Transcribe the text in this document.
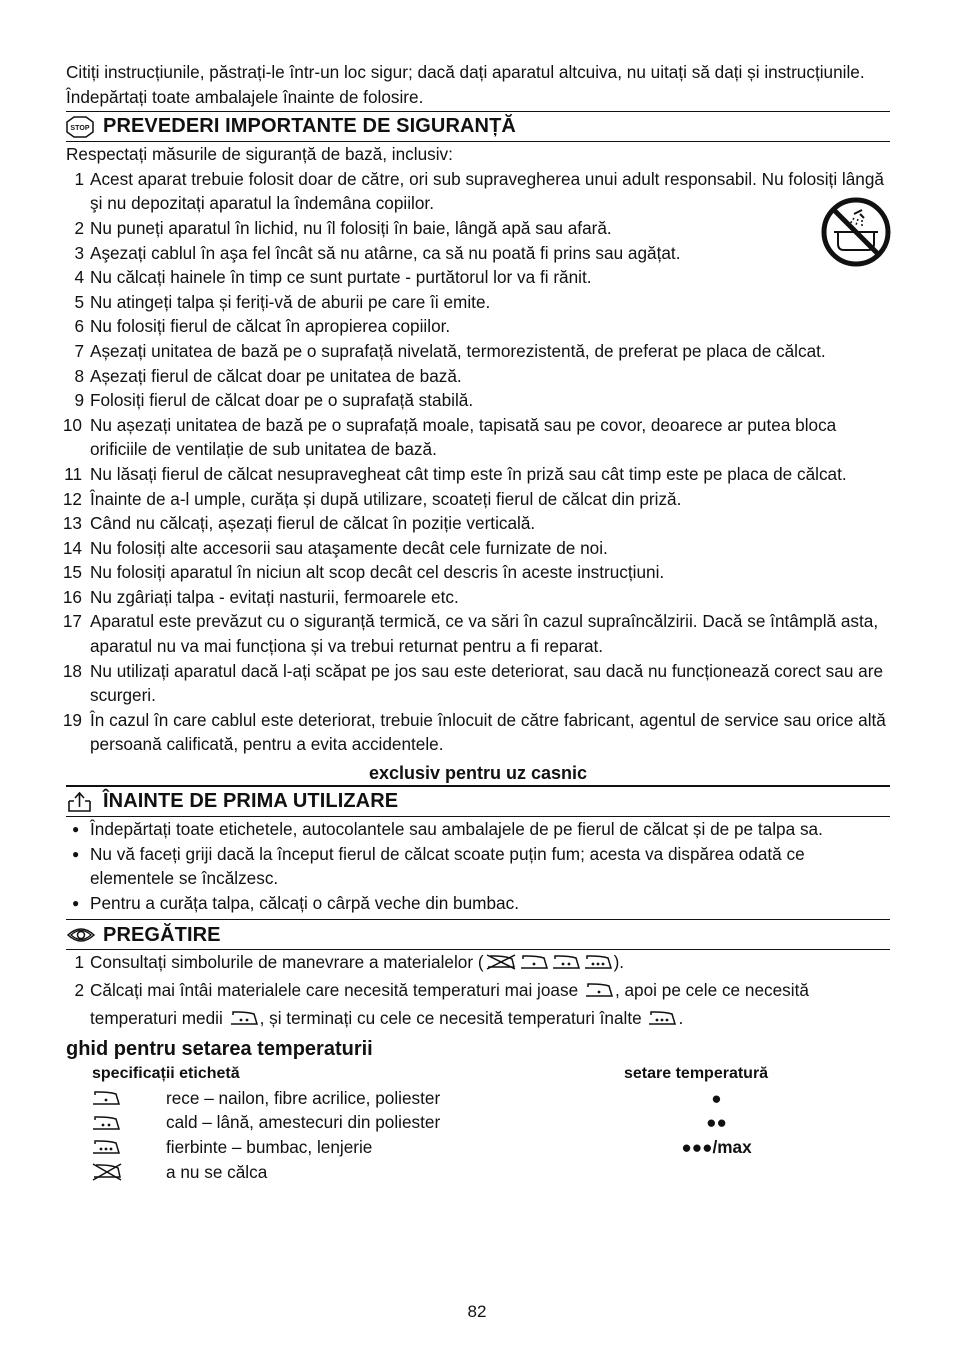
Citiți instrucțiunile, păstrați-le într-un loc sigur; dacă dați aparatul altcuiva, nu uitați să dați și instrucțiunile. Îndepărtați toate ambalajele înainte de folosire.

STOP PREVEDERI IMPORTANTE DE SIGURANȚĂ

Respectați măsurile de siguranță de bază, inclusiv:

1 Acest aparat trebuie folosit doar de către, ori sub supravegherea unui adult responsabil. Nu folosiți lângă şi nu depozitați aparatul la îndemâna copiilor.
2 Nu puneți aparatul în lichid, nu îl folosiți în baie, lângă apă sau afară.
3 Aşezați cablul în aşa fel încât să nu atârne, ca să nu poată fi prins sau agățat.
4 Nu călcați hainele în timp ce sunt purtate - purtătorul lor va fi rănit.
5 Nu atingeți talpa și feriți-vă de aburii pe care îi emite.
6 Nu folosiți fierul de călcat în apropierea copiilor.
7 Așezați unitatea de bază pe o suprafață nivelată, termorezistentă, de preferat pe placa de călcat.
8 Așezați fierul de călcat doar pe unitatea de bază.
9 Folosiți fierul de călcat doar pe o suprafață stabilă.
10 Nu așezați unitatea de bază pe o suprafață moale, tapisată sau pe covor, deoarece ar putea bloca orificiile de ventilație de sub unitatea de bază.
11 Nu lăsați fierul de călcat nesupravegheat cât timp este în priză sau cât timp este pe placa de călcat.
12 Înainte de a-l umple, curăța și după utilizare, scoateți fierul de călcat din priză.
13 Când nu călcați, așezați fierul de călcat în poziție verticală.
14 Nu folosiți alte accesorii sau ataşamente decât cele furnizate de noi.
15 Nu folosiți aparatul în niciun alt scop decât cel descris în aceste instrucțiuni.
16 Nu zgâriați talpa - evitați nasturii, fermoarele etc.
17 Aparatul este prevăzut cu o siguranță termică, ce va sări în cazul supraîncălzirii. Dacă se întâmplă asta, aparatul nu va mai funcționa și va trebui returnat pentru a fi reparat.
18 Nu utilizați aparatul dacă l-ați scăpat pe jos sau este deteriorat, sau dacă nu funcționează corect sau are scurgeri.
19 În cazul în care cablul este deteriorat, trebuie înlocuit de către fabricant, agentul de service sau orice altă persoană calificată, pentru a evita accidentele.
exclusiv pentru uz casnic
ÎNAINTE DE PRIMA UTILIZARE
● Îndepărtați toate etichetele, autocolantele sau ambalajele de pe fierul de călcat și de pe talpa sa.
● Nu vă faceți griji dacă la început fierul de călcat scoate puțin fum; acesta va dispărea odată ce elementele se încălzesc.
● Pentru a curăța talpa, călcați o cârpă veche din bumbac.
PREGĂTIRE
1 Consultați simbolurile de manevrare a materialelor (	).
2 Călcați mai întâi materialele care necesită temperaturi mai joase , apoi pe cele ce necesită temperaturi medii , și terminați cu cele ce necesită temperaturi înalte .
ghid pentru setarea temperaturii
specificații etichetă	setare temperatură
rece – nailon, fibre acrilice, poliester	●
cald – lână, amestecuri din poliester	●●
fierbinte – bumbac, lenjerie	●●●/max
a nu se călca
82
